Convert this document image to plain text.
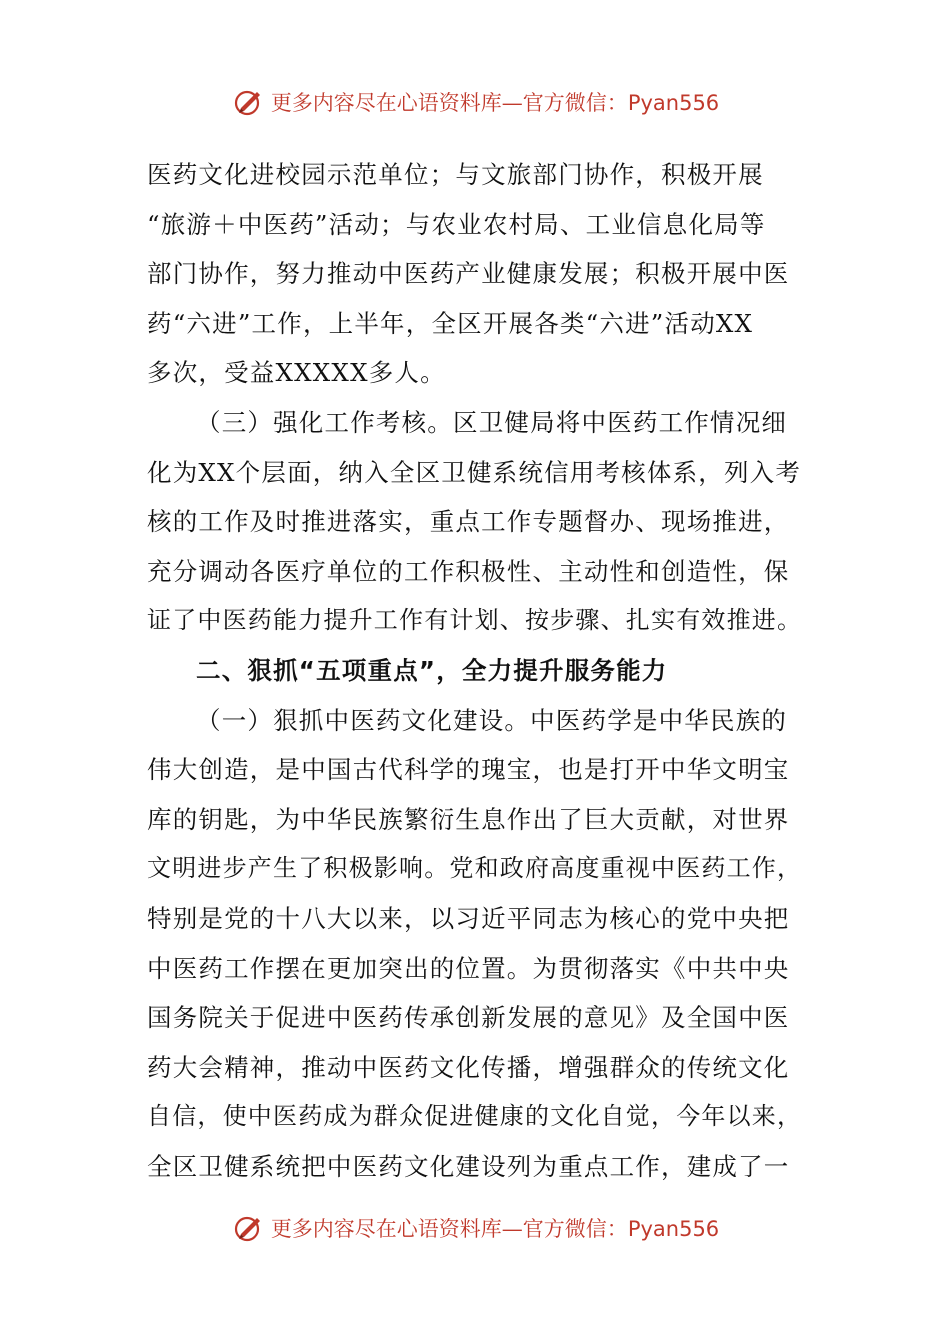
更多内容尽在心语资料库—官方微信：Pyan556
医药文化进校园示范单位；与文旅部门协作，积极开展
“旅游＋中医药”活动；与农业农村局、工业信息化局等
部门协作，努力推动中医药产业健康发展；积极开展中医
药“六进”工作，上半年，全区开展各类“六进”活动XX
多次，受益XXXXX多人。
（三）强化工作考核。区卫健局将中医药工作情况细
化为XX个层面，纳入全区卫健系统信用考核体系，列入考
核的工作及时推进落实，重点工作专题督办、现场推进，
充分调动各医疗单位的工作积极性、主动性和创造性，保
证了中医药能力提升工作有计划、按步骤、扎实有效推进。
二、狠抓“五项重点”，全力提升服务能力
（一）狠抓中医药文化建设。中医药学是中华民族的
伟大创造，是中国古代科学的瑰宝，也是打开中华文明宝
库的钥匙，为中华民族繁衍生息作出了巨大贡献，对世界
文明进步产生了积极影响。党和政府高度重视中医药工作，
特别是党的十八大以来，以习近平同志为核心的党中央把
中医药工作摆在更加突出的位置。为贯彻落实《中共中央
国务院关于促进中医药传承创新发展的意见》及全国中医
药大会精神，推动中医药文化传播，增强群众的传统文化
自信，使中医药成为群众促进健康的文化自觉，今年以来，
全区卫健系统把中医药文化建设列为重点工作，建成了一
更多内容尽在心语资料库—官方微信：Pyan556
